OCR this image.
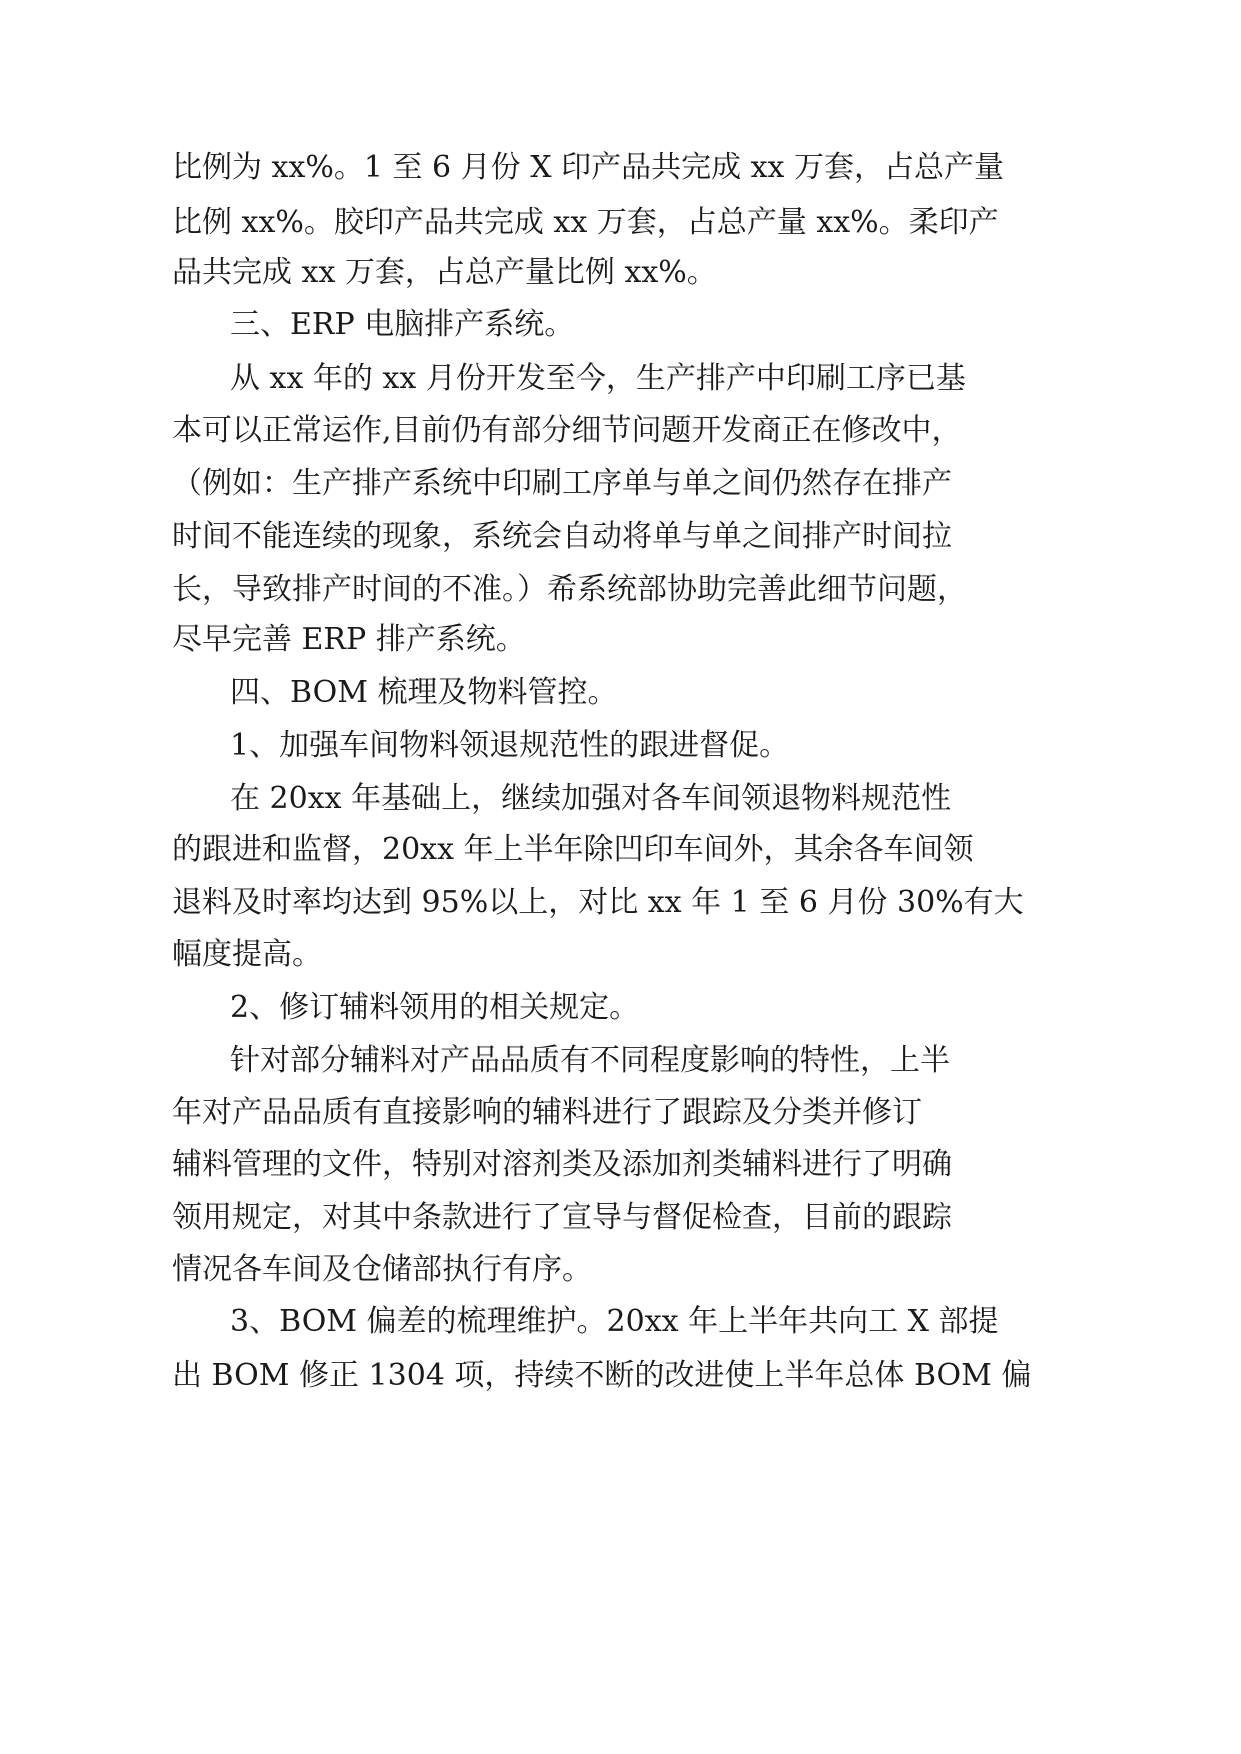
比例为 xx%。1 至 6 月份 X 印产品共完成 xx 万套，占总产量
比例 xx%。胶印产品共完成 xx 万套，占总产量 xx%。柔印产
品共完成 xx 万套，占总产量比例 xx%。
三、ERP 电脑排产系统。
从 xx 年的 xx 月份开发至今，生产排产中印刷工序已基
本可以正常运作,目前仍有部分细节问题开发商正在修改中，
（例如：生产排产系统中印刷工序单与单之间仍然存在排产
时间不能连续的现象，系统会自动将单与单之间排产时间拉
长，导致排产时间的不准。）希系统部协助完善此细节问题，
尽早完善 ERP 排产系统。
四、BOM 梳理及物料管控。
1、加强车间物料领退规范性的跟进督促。
在 20xx 年基础上，继续加强对各车间领退物料规范性
的跟进和监督，20xx 年上半年除凹印车间外，其余各车间领
退料及时率均达到 95%以上，对比 xx 年 1 至 6 月份 30%有大
幅度提高。
2、修订辅料领用的相关规定。
针对部分辅料对产品品质有不同程度影响的特性，上半
年对产品品质有直接影响的辅料进行了跟踪及分类并修订
辅料管理的文件，特别对溶剂类及添加剂类辅料进行了明确
领用规定，对其中条款进行了宣导与督促检查，目前的跟踪
情况各车间及仓储部执行有序。
3、BOM 偏差的梳理维护。20xx 年上半年共向工 X 部提
出 BOM 修正 1304 项，持续不断的改进使上半年总体 BOM 偏
